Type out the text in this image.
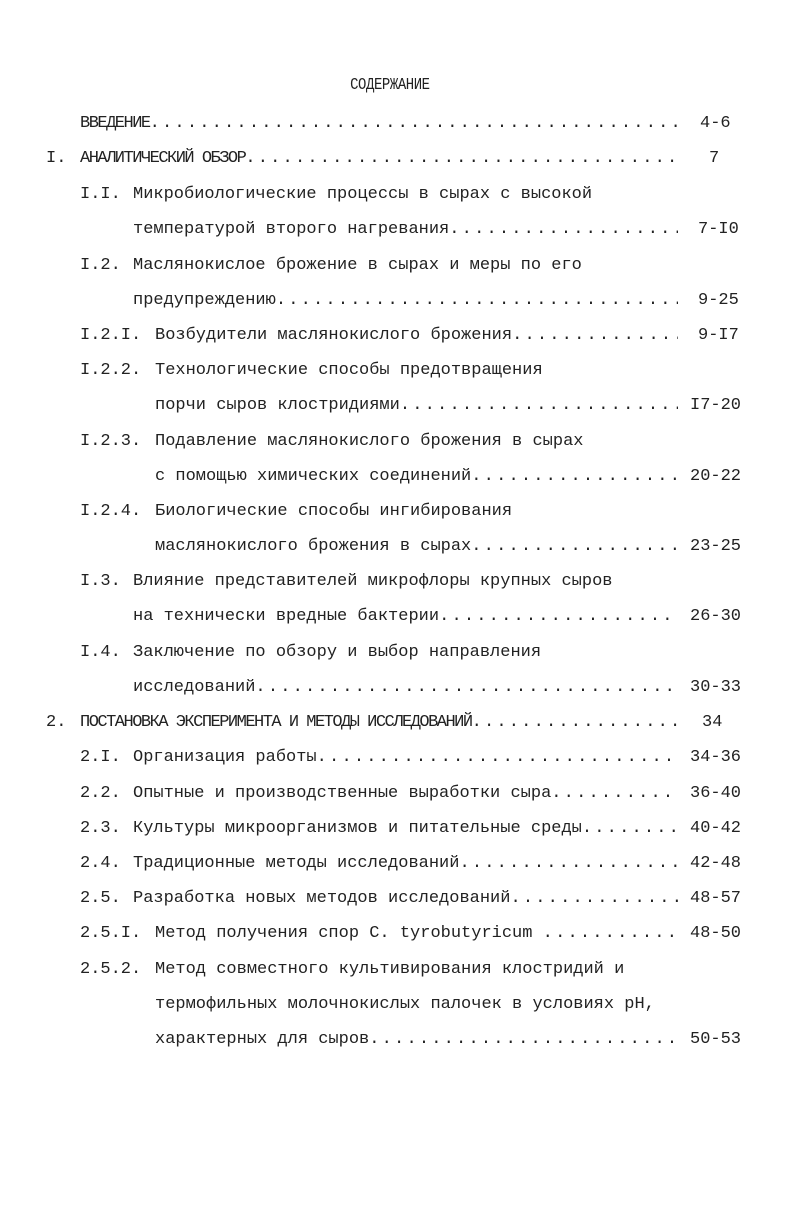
СОДЕРЖАНИЕ
ВВЕДЕНИЕ .....	4-6
I. АНАЛИТИЧЕСКИЙ ОБЗОР .....	7
I.I. Микробиологические процессы в сырах с высокой
температурой второго нагревания .....	7-I0
I.2. Маслянокислое брожение в сырах и меры по его
предупреждению .....	9-25
I.2.I. Возбудители маслянокислого брожения .....	9-I7
I.2.2. Технологические способы предотвращения
порчи сыров клостридиями .....	I7-20
I.2.3. Подавление маслянокислого брожения в сырах
с помощью химических соединений .....	20-22
I.2.4. Биологические способы ингибирования
маслянокислого брожения в сырах .....	23-25
I.3. Влияние представителей микрофлоры крупных сыров
на технически вредные бактерии .....	26-30
I.4. Заключение по обзору и выбор направления
исследований .....	30-33
2. ПОСТАНОВКА ЭКСПЕРИМЕНТА И МЕТОДЫ ИССЛЕДОВАНИЙ .....	34
2.I. Организация работы .....	34-36
2.2. Опытные и производственные выработки сыра .....	36-40
2.3. Культуры микроорганизмов и питательные среды .....	40-42
2.4. Традиционные методы исследований .....	42-48
2.5. Разработка новых методов исследований .....	48-57
2.5.I. Метод получения спор C. tyrobutyricum .....	48-50
2.5.2. Метод совместного культивирования клостридий и
термофильных молочнокислых палочек в условиях pH,
характерных для сыров .....	50-53
